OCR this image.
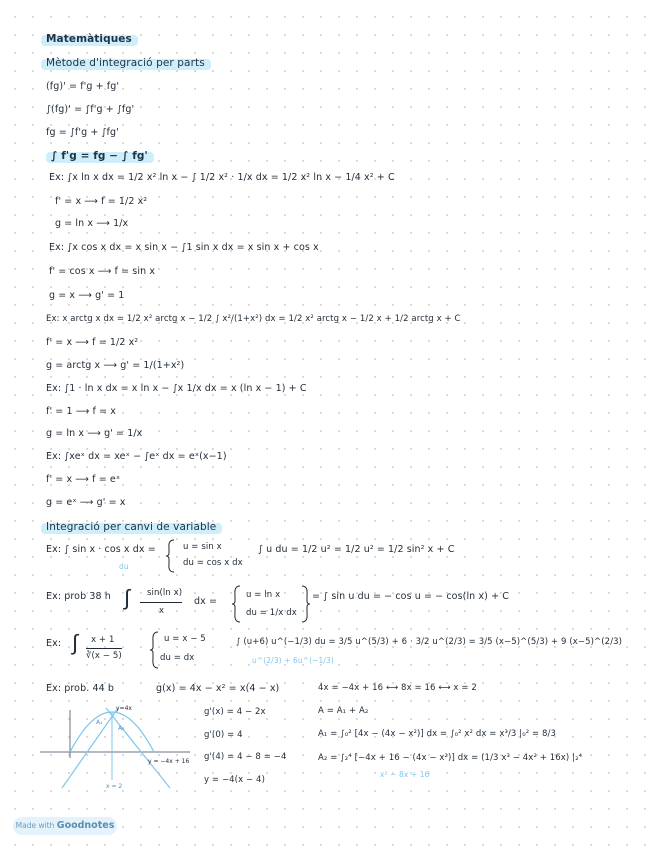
Matemàtiques
Mètode d'integració per parts
(fg)' = f'g + fg'
∫(fg)' = ∫f'g + ∫fg'
fg = ∫f'g + ∫fg'
∫ f'g = fg − ∫ fg'
Ex: ∫x ln x dx = 1/2 x² ln x − ∫ 1/2 x² · 1/x dx = 1/2 x² ln x − 1/4 x² + C
f' = x ⟶ f = 1/2 x²
g = ln x ⟶ 1/x
Ex: ∫x cos x dx = x sin x − ∫1 sin x dx = x sin x + cos x
f' = cos x ⟶ f = sin x
g = x ⟶ g' = 1
Ex: x arctg x dx = 1/2 x² arctg x − 1/2 ∫ x²/(1+x²) dx = 1/2 x² arctg x − 1/2 x + 1/2 arctg x + C
f' = x ⟶ f = 1/2 x²
g = arctg x ⟶ g' = 1/(1+x²)
Ex: ∫1 · ln x dx = x ln x − ∫x 1/x dx = x (ln x − 1) + C
f' = 1 ⟶ f = x
g = ln x ⟶ g' = 1/x
Ex: ∫xeˣ dx = xeˣ − ∫eˣ dx = eˣ(x−1)
f' = x ⟶ f = eˣ
g = eˣ ⟶ g' = x
Integració per canvi de variable
Ex: ∫ sin x · cos x dx =
du
u = sin x
du = cos x dx
∫ u du = 1/2 u² = 1/2 u² = 1/2 sin² x + C
Ex: prob 38 h ∫ sin(ln x)
x
dx =
u = ln x
du = 1/x dx
= ∫ sin u du = − cos u = − cos(ln x) + C
Ex: ∫ x + 1
∛(x − 5)
u = x − 5
du = dx
∫ (u+6) u^(−1/3) du = 3/5 u^(5/3) + 6 · 3/2 u^(2/3) = 3/5 (x−5)^(5/3) + 9 (x−5)^(2/3)
u^(2/3) + 6u^(−1/3)
Ex: prob. 44 b	g(x) = 4x − x² = x(4 − x)
g'(x) = 4 − 2x
g'(0) = 4
g'(4) = 4 − 8 = −4
y = −4(x − 4)
4x = −4x + 16 ⟷ 8x = 16 ⟷ x = 2
A = A₁ + A₂
A₁ = ∫₀² [4x − (4x − x²)] dx = ∫₀² x² dx = x³/3 |₀² = 8/3
A₂ = ∫₂⁴ [−4x + 16 − (4x − x²)] dx = (1/3 x³ − 4x² + 16x) |₂⁴
x² − 8x + 16
y=4x
y = −4x + 16
A₁
A₂
x = 2
Made with Goodnotes
